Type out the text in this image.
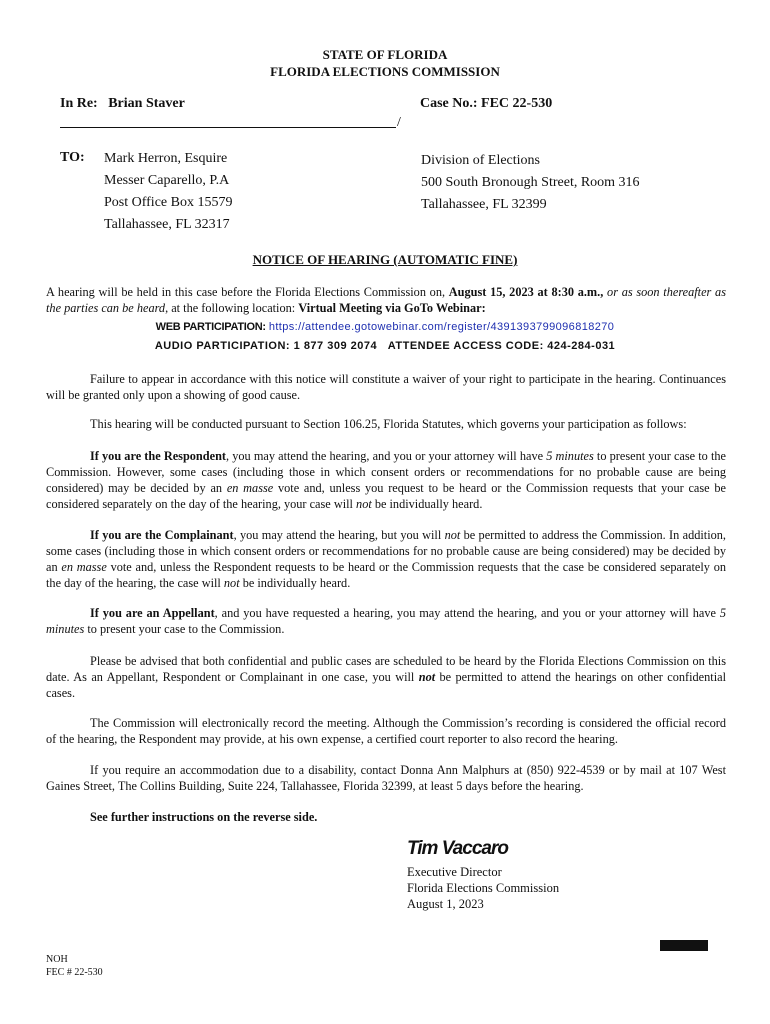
STATE OF FLORIDA
FLORIDA ELECTIONS COMMISSION
In Re:   Brian Staver	Case No.: FEC 22-530
/
TO: Mark Herron, Esquire
Messer Caparello, P.A
Post Office Box 15579
Tallahassee, FL 32317
Division of Elections
500 South Bronough Street, Room 316
Tallahassee, FL 32399
NOTICE OF HEARING (AUTOMATIC FINE)
A hearing will be held in this case before the Florida Elections Commission on, August 15, 2023 at 8:30 a.m., or as soon thereafter as the parties can be heard, at the following location: Virtual Meeting via GoTo Webinar:
WEB PARTICIPATION: https://attendee.gotowebinar.com/register/4391393799096818270
AUDIO PARTICIPATION: 1 877 309 2074 ATTENDEE ACCESS CODE: 424-284-031
Failure to appear in accordance with this notice will constitute a waiver of your right to participate in the hearing. Continuances will be granted only upon a showing of good cause.
This hearing will be conducted pursuant to Section 106.25, Florida Statutes, which governs your participation as follows:
If you are the Respondent, you may attend the hearing, and you or your attorney will have 5 minutes to present your case to the Commission. However, some cases (including those in which consent orders or recommendations for no probable cause are being considered) may be decided by an en masse vote and, unless you request to be heard or the Commission requests that your case be considered separately on the day of the hearing, your case will not be individually heard.
If you are the Complainant, you may attend the hearing, but you will not be permitted to address the Commission. In addition, some cases (including those in which consent orders or recommendations for no probable cause are being considered) may be decided by an en masse vote and, unless the Respondent requests to be heard or the Commission requests that the case be considered separately on the day of the hearing, the case will not be individually heard.
If you are an Appellant, and you have requested a hearing, you may attend the hearing, and you or your attorney will have 5 minutes to present your case to the Commission.
Please be advised that both confidential and public cases are scheduled to be heard by the Florida Elections Commission on this date. As an Appellant, Respondent or Complainant in one case, you will not be permitted to attend the hearings on other confidential cases.
The Commission will electronically record the meeting. Although the Commission’s recording is considered the official record of the hearing, the Respondent may provide, at his own expense, a certified court reporter to also record the hearing.
If you require an accommodation due to a disability, contact Donna Ann Malphurs at (850) 922-4539 or by mail at 107 West Gaines Street, The Collins Building, Suite 224, Tallahassee, Florida 32399, at least 5 days before the hearing.
See further instructions on the reverse side.
Tim Vaccaro
Executive Director
Florida Elections Commission
August 1, 2023
NOH
FEC # 22-530
